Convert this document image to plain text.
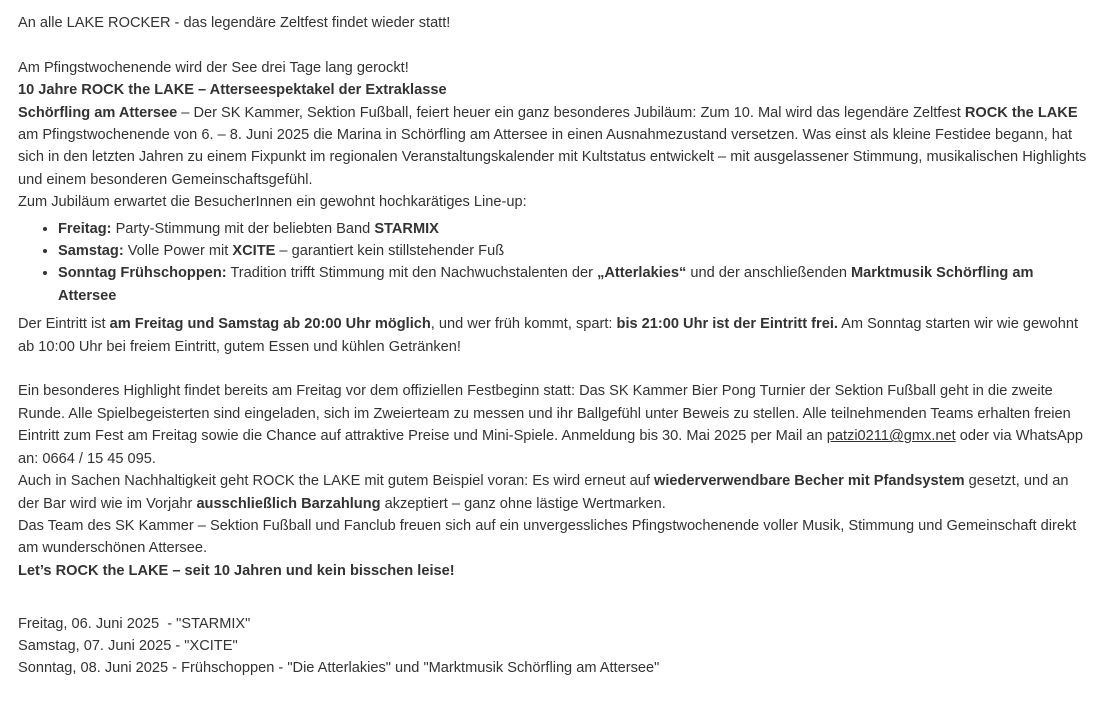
An alle LAKE ROCKER - das legendäre Zeltfest findet wieder statt!

Am Pfingstwochenende wird der See drei Tage lang gerockt!

10 Jahre ROCK the LAKE – Atterseespektakel der Extraklasse

Schörfling am Attersee – Der SK Kammer, Sektion Fußball, feiert heuer ein ganz besonderes Jubiläum: Zum 10. Mal wird das legendäre Zeltfest ROCK the LAKE am Pfingstwochenende von 6. – 8. Juni 2025 die Marina in Schörfling am Attersee in einen Ausnahmezustand versetzen. Was einst als kleine Festidee begann, hat sich in den letzten Jahren zu einem Fixpunkt im regionalen Veranstaltungskalender mit Kultstatus entwickelt – mit ausgelassener Stimmung, musikalischen Highlights und einem besonderen Gemeinschaftsgefühl.

Zum Jubiläum erwartet die BesucherInnen ein gewohnt hochkarätiges Line-up:

• Freitag: Party-Stimmung mit der beliebten Band STARMIX
• Samstag: Volle Power mit XCITE – garantiert kein stillstehender Fuß
• Sonntag Frühschoppen: Tradition trifft Stimmung mit den Nachwuchstalenten der „Atterlakies“ und der anschließenden Marktmusik Schörfling am Attersee

Der Eintritt ist am Freitag und Samstag ab 20:00 Uhr möglich, und wer früh kommt, spart: bis 21:00 Uhr ist der Eintritt frei. Am Sonntag starten wir wie gewohnt ab 10:00 Uhr bei freiem Eintritt, gutem Essen und kühlen Getränken!

Ein besonderes Highlight findet bereits am Freitag vor dem offiziellen Festbeginn statt: Das SK Kammer Bier Pong Turnier der Sektion Fußball geht in die zweite Runde. Alle Spielbegeisterten sind eingeladen, sich im Zweierteam zu messen und ihr Ballgefühl unter Beweis zu stellen. Alle teilnehmenden Teams erhalten freien Eintritt zum Fest am Freitag sowie die Chance auf attraktive Preise und Mini-Spiele. Anmeldung bis 30. Mai 2025 per Mail an patzi0211@gmx.net oder via WhatsApp an: 0664 / 15 45 095.

Auch in Sachen Nachhaltigkeit geht ROCK the LAKE mit gutem Beispiel voran: Es wird erneut auf wiederverwendbare Becher mit Pfandsystem gesetzt, und an der Bar wird wie im Vorjahr ausschließlich Barzahlung akzeptiert – ganz ohne lästige Wertmarken.

Das Team des SK Kammer – Sektion Fußball und Fanclub freuen sich auf ein unvergessliches Pfingstwochenende voller Musik, Stimmung und Gemeinschaft direkt am wunderschönen Attersee.

Let’s ROCK the LAKE – seit 10 Jahren und kein bisschen leise!

Freitag, 06. Juni 2025  - "STARMIX"

Samstag, 07. Juni 2025 - "XCITE"

Sonntag, 08. Juni 2025 - Frühschoppen - "Die Atterlakies" und "Marktmusik Schörfling am Attersee"
